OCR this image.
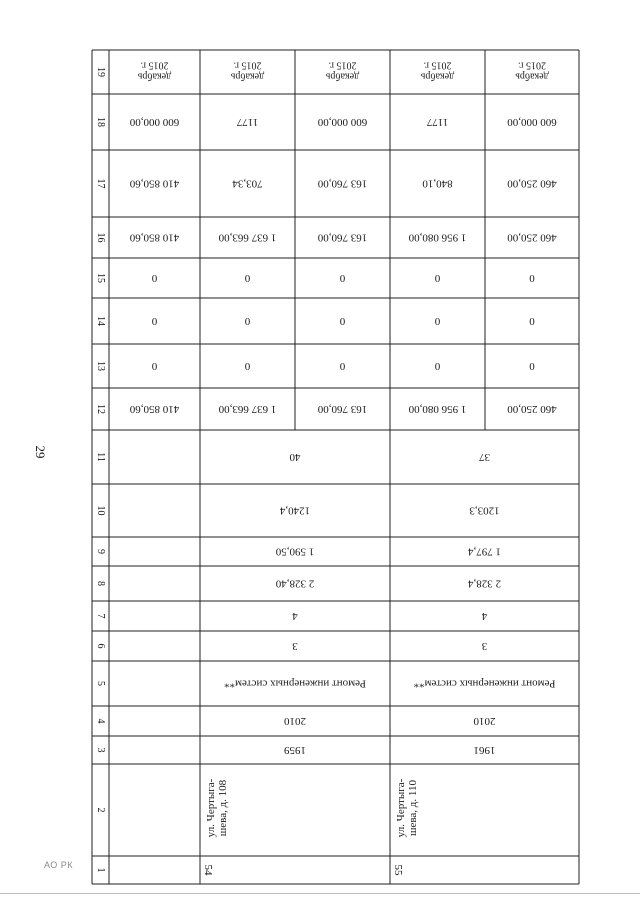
29
АО РК 1
2
3
4
5
6
7
8
9
10
11
12
13
14
15
16
17
18
19
410 850,60
0
0
0
410 850,60
410 850,60
600 000,00
декабрь2015 г.
54
ул. Чертыга-шева, д. 108
1959
2010
Ремонт инженерных систем**
3
4
2 328,40
1 590,50
1240,4
40
1 637 663,00
0
0
0
1 637 663,00
703,34
1177
декабрь2015 г.
163 760,00
0
0
0
163 760,00
163 760,00
600 000,00
декабрь2015 г.
55
ул. Чертыга-шева, д. 110
1961
2010
Ремонт инженерных систем**
3
4
2 328,4
1 797,4
1203,3
37
1 956 080,00
0
0
0
1 956 080,00
840,10
1177
декабрь2015 г.
460 250,00
0
0
0
460 250,00
460 250,00
600 000,00
декабрь2015 г.
